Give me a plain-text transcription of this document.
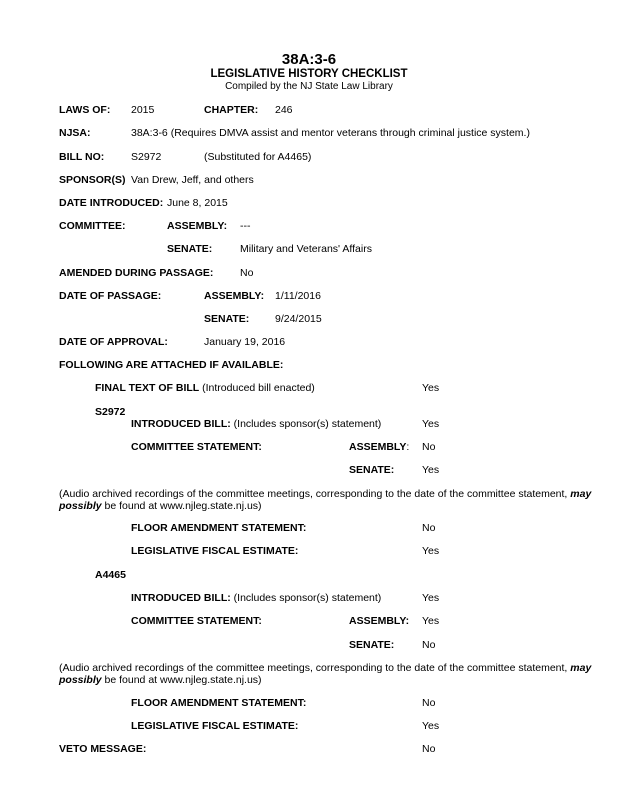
38A:3-6
LEGISLATIVE HISTORY CHECKLIST
Compiled by the NJ State Law Library
LAWS OF: 2015	CHAPTER: 246
NJSA:	38A:3-6 (Requires DMVA assist and mentor veterans through criminal justice system.)
BILL NO:	S2972	(Substituted for A4465)
SPONSOR(S) Van Drew, Jeff, and others
DATE INTRODUCED: June 8, 2015
COMMITTEE:	ASSEMBLY: ---
SENATE:	Military and Veterans' Affairs
AMENDED DURING PASSAGE:	No
DATE OF PASSAGE:	ASSEMBLY: 1/11/2016
SENATE: 9/24/2015
DATE OF APPROVAL:	January 19, 2016
FOLLOWING ARE ATTACHED IF AVAILABLE:
FINAL TEXT OF BILL (Introduced bill enacted)	Yes
S2972
INTRODUCED BILL: (Includes sponsor(s) statement)	Yes
COMMITTEE STATEMENT:	ASSEMBLY: No
SENATE:	Yes
(Audio archived recordings of the committee meetings, corresponding to the date of the committee statement, may possibly be found at www.njleg.state.nj.us)
FLOOR AMENDMENT STATEMENT:	No
LEGISLATIVE FISCAL ESTIMATE:	Yes
A4465
INTRODUCED BILL: (Includes sponsor(s) statement)	Yes
COMMITTEE STATEMENT:	ASSEMBLY: Yes
SENATE:	No
(Audio archived recordings of the committee meetings, corresponding to the date of the committee statement, may possibly be found at www.njleg.state.nj.us)
FLOOR AMENDMENT STATEMENT:	No
LEGISLATIVE FISCAL ESTIMATE:	Yes
VETO MESSAGE:	No
